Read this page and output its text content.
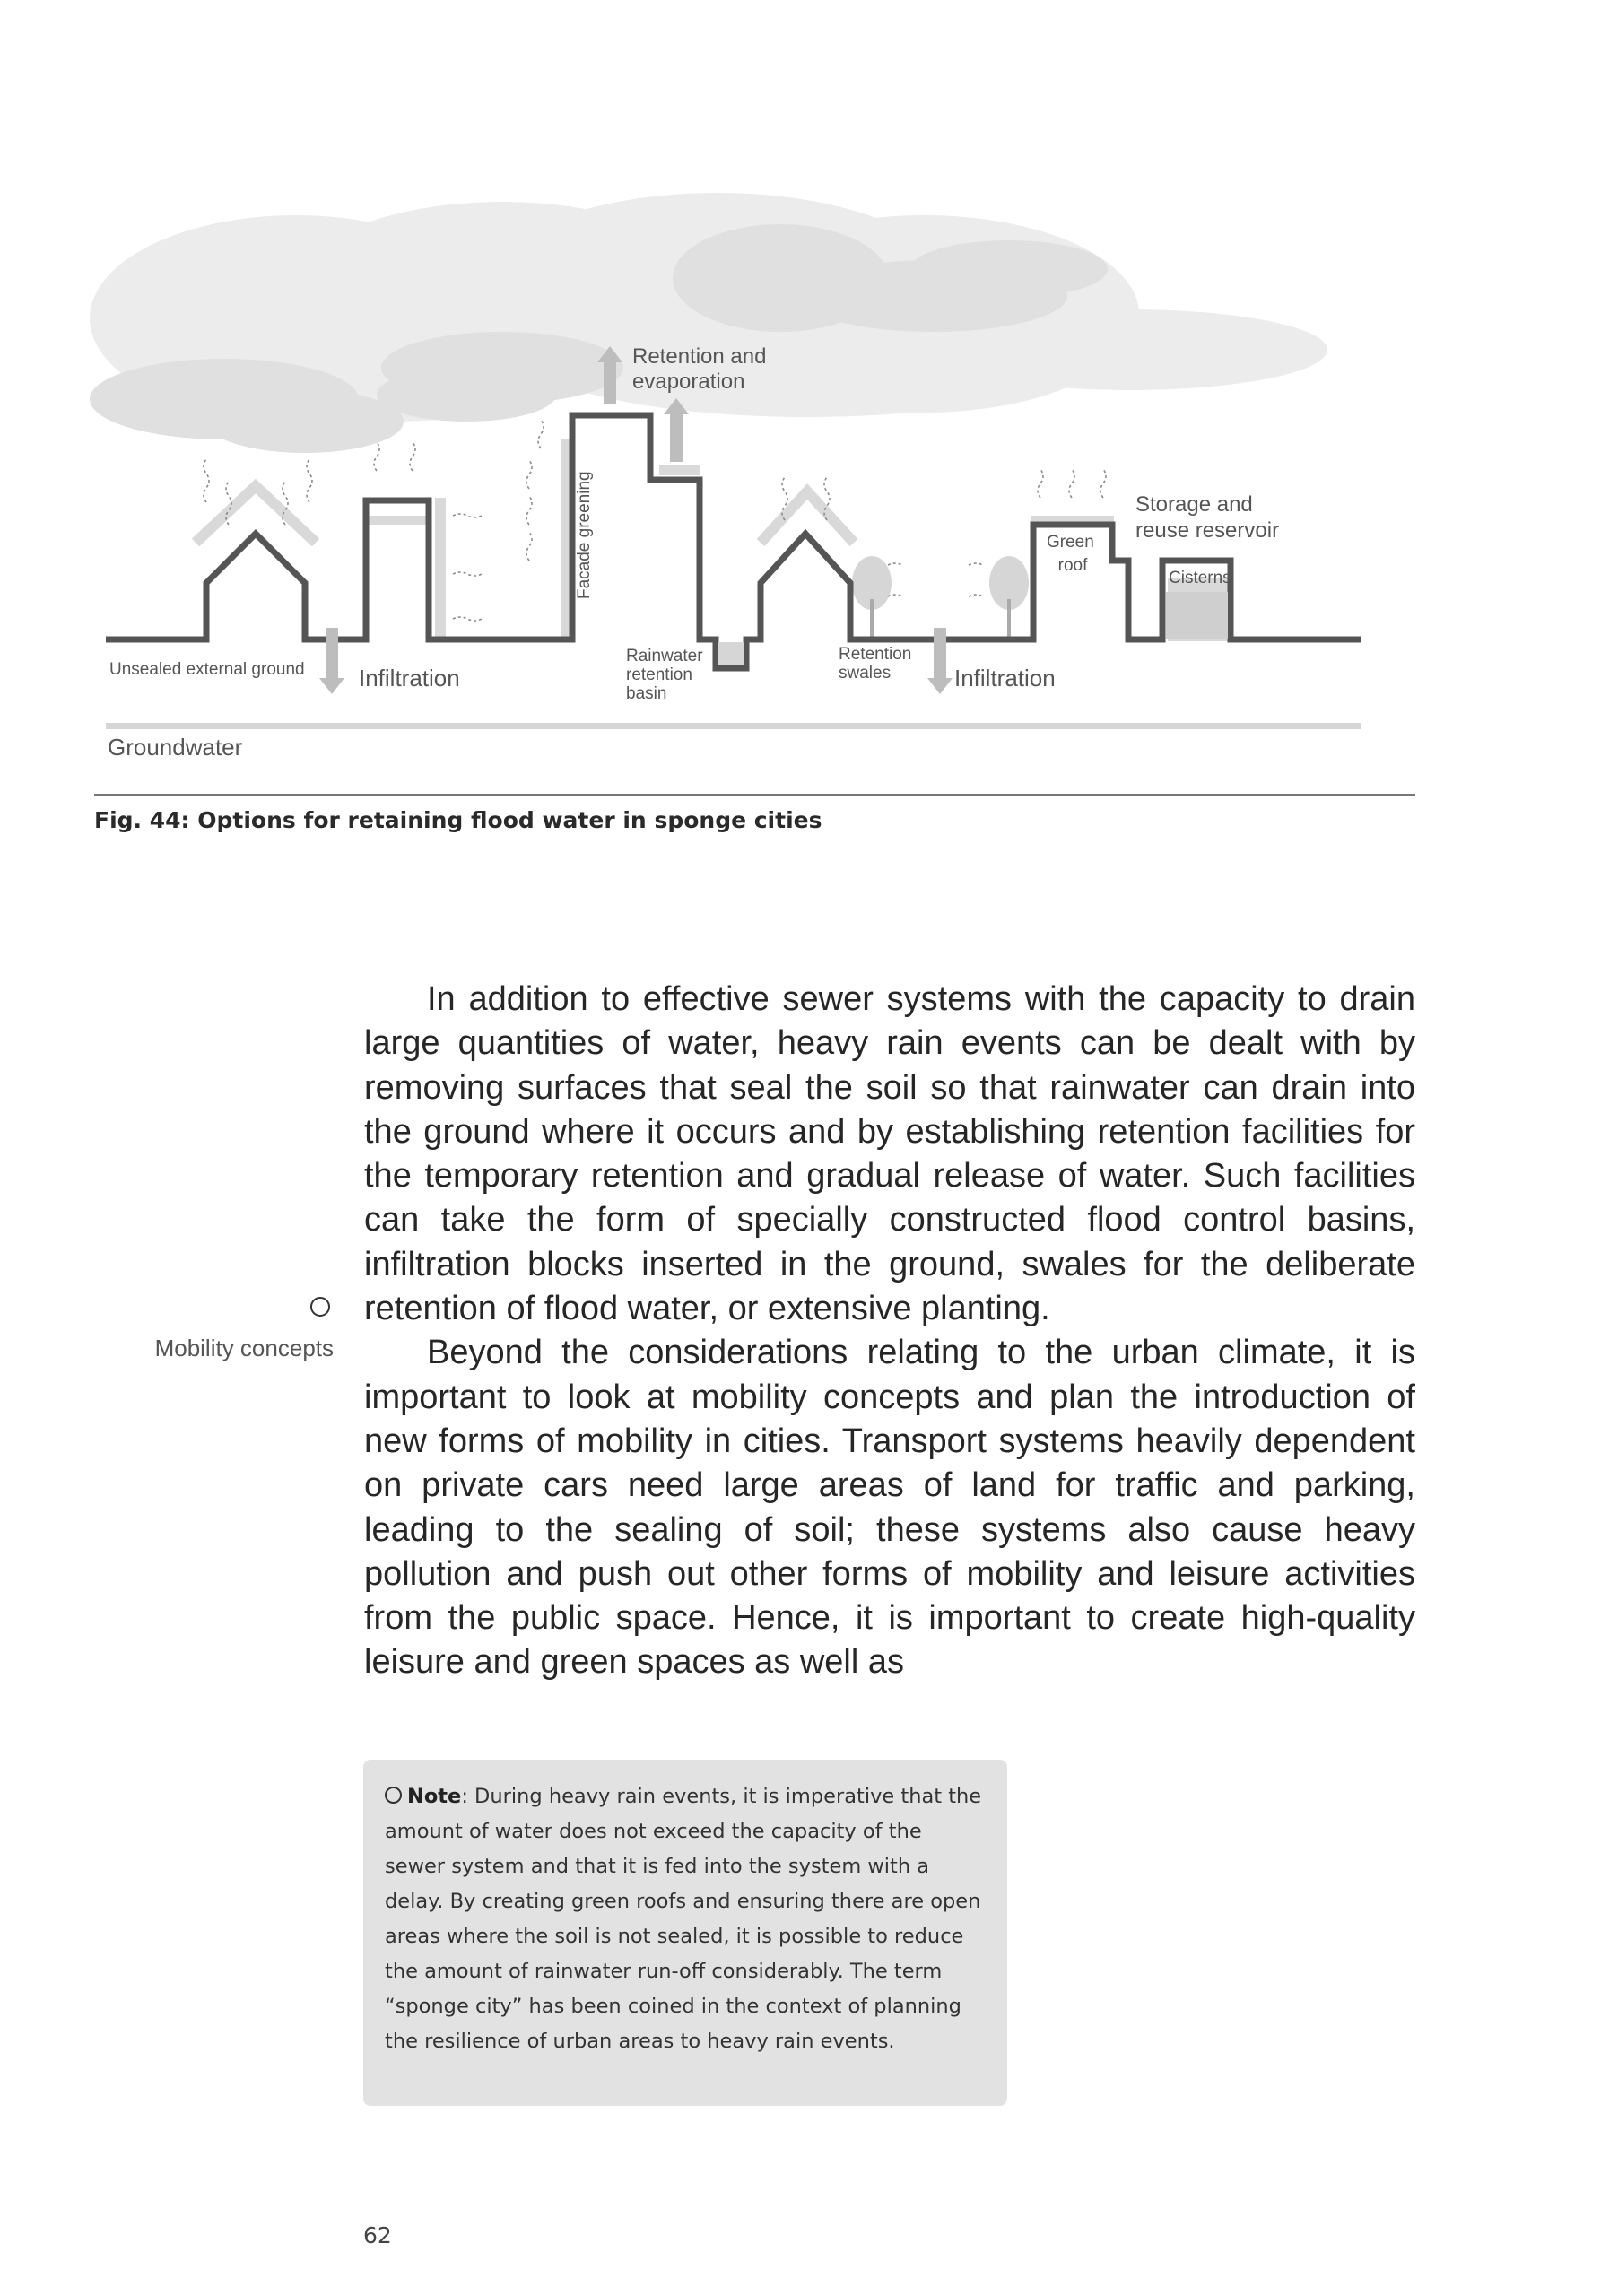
Retention and evaporation
Storage and reuse reservoir
Cisterns
Green roof
Facade greening
Unsealed external ground Infiltration
Rainwater retention basin
Retention swales	Infiltration
Groundwater
Fig. 44: Options for retaining flood water in sponge cities

In addition to effective sewer systems with the capacity to drain large quantities of water, heavy rain events can be dealt with by removing surfaces that seal the soil so that rainwater can drain into the ground where it occurs and by establishing retention facilities for the temporary retention and gradual release of water. Such facilities can take the form of specially constructed flood control basins, infiltration blocks inserted in the ground, swales for the deliberate retention of flood water, or extensive planting.

Beyond the considerations relating to the urban climate, it is important to look at mobility concepts and plan the introduction of new forms of mobility in cities. Transport systems heavily dependent on private cars need large areas of land for traffic and parking, leading to the sealing of soil; these systems also cause heavy pollution and push out other forms of mobility and leisure activities from the public space. Hence, it is important to create high-quality leisure and green spaces as well as

Mobility concepts
Note: During heavy rain events, it is imperative that the amount of water does not exceed the capacity of the sewer system and that it is fed into the system with a delay. By creating green roofs and ensuring there are open areas where the soil is not sealed, it is possible to reduce the amount of rainwater run-off considerably. The term “sponge city” has been coined in the context of planning the resilience of urban areas to heavy rain events.
62
